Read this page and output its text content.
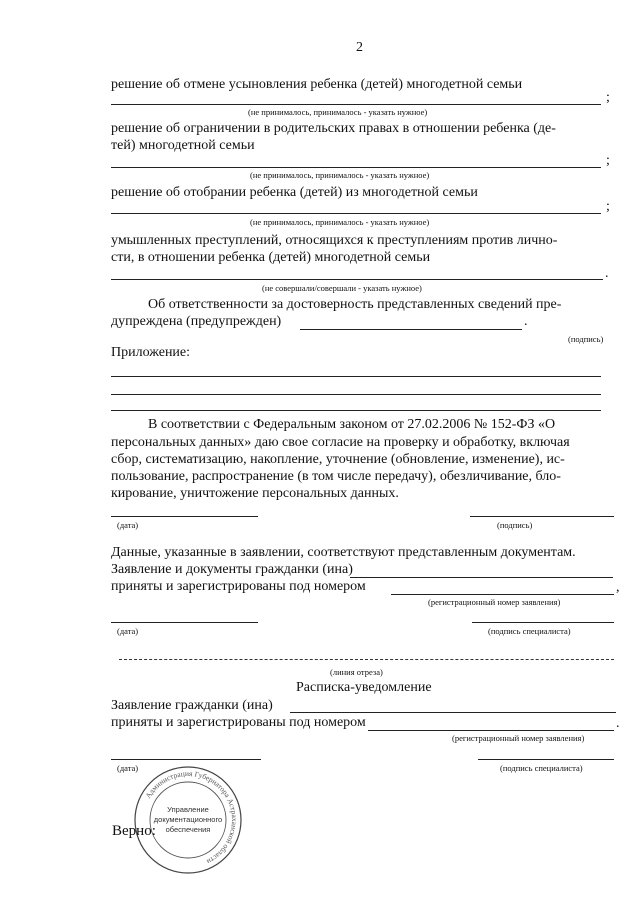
2
решение об отмене усыновления ребенка (детей) многодетной семьи
;
(не принималось, принималось - указать нужное)
решение об ограничении в родительских правах в отношении ребенка (де-
тей) многодетной семьи
;
(не принималось, принималось - указать нужное)
решение об отобрании ребенка (детей) из многодетной семьи
;
(не принималось, принималось - указать нужное)
умышленных преступлений, относящихся к преступлениям против лично-
сти, в отношении ребенка (детей) многодетной семьи
.
(не совершали/совершали - указать нужное)
Об ответственности за достоверность представленных сведений пре-
дупреждена (предупрежден)	.
(подпись)
Приложение:
В соответствии с Федеральным законом от 27.02.2006 № 152-ФЗ «О
персональных данных» даю свое согласие на проверку и обработку, включая
сбор, систематизацию, накопление, уточнение (обновление, изменение), ис-
пользование, распространение (в том числе передачу), обезличивание, бло-
кирование, уничтожение персональных данных.
(дата)	(подпись)
Данные, указанные в заявлении, соответствуют представленным документам.
Заявление и документы гражданки (ина)
приняты и зарегистрированы под номером	,
(регистрационный номер заявления)
(дата)	(подпись специалиста)
(линия отреза)
Расписка-уведомление
Заявление гражданки (ина)
приняты и зарегистрированы под номером	.
(регистрационный номер заявления)
(дата)	(подпись специалиста)
Администрация Губернатора Астраханской области
Управление
документационного
обеспечения
Верно:
